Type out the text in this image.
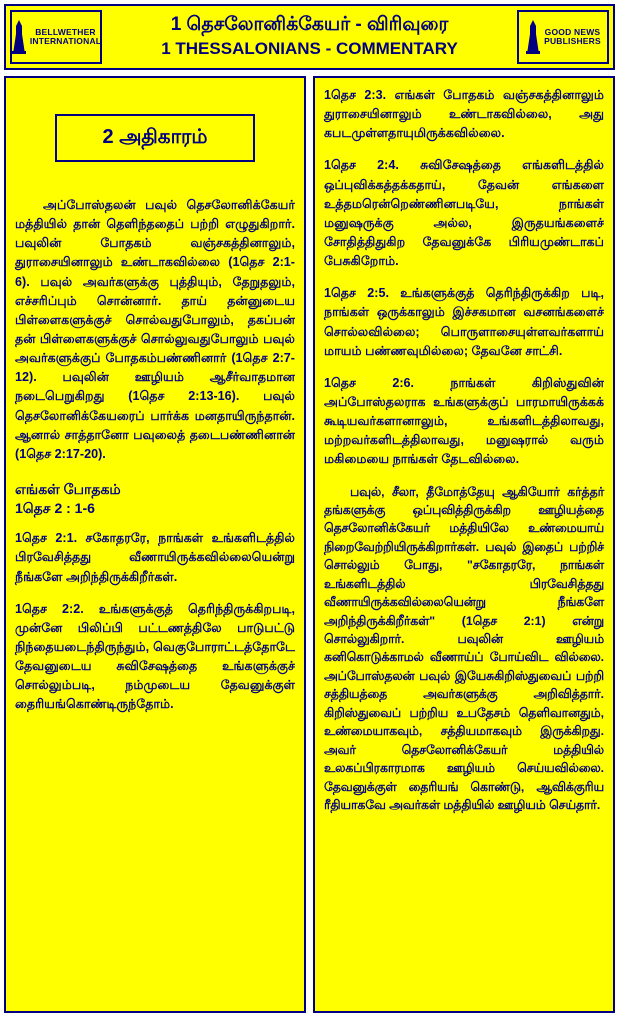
BELLWETHER
INTERNATIONAL
1 தெசலோனிக்கேயர் - விரிவுரை
1 THESSALONIANS - COMMENTARY
GOOD NEWS
PUBLISHERS
2 அதிகாரம்

அப்போஸ்தலன் பவுல் தெசலோனிக்கேயர் மத்தியில் தான் தெளிந்ததைப் பற்றி எழுதுகிறார். பவுலின் போதகம் வஞ்சகத்தினாலும், துராசையினாலும் உண்டாகவில்லை (1தெச 2:1-6). பவுல் அவர்களுக்கு புத்தியும், தேறுதலும், எச்சரிப்பும் சொன்னார். தாய் தன்னுடைய பிள்ளைகளுக்குச் சொல்வதுபோலும், தகப்பன் தன் பிள்ளைகளுக்குச் சொல்லுவதுபோலும் பவுல் அவர்களுக்குப் போதகம்பண்ணினார் (1தெச 2:7-12). பவுலின் ஊழியம் ஆசீர்வாதமான நடைபெறுகிறது (1தெச 2:13-16). பவுல் தெசலோனிக்கேயரைப் பார்க்க மனதாயிருந்தான். ஆனால் சாத்தானோ பவுலைத் தடைபண்ணினான் (1தெச 2:17-20).

எங்கள் போதகம்
1தெச 2 : 1-6

1தெச 2:1. சகோதரரே, நாங்கள் உங்களிடத்தில் பிரவேசித்தது வீணாயிருக்கவில்லையென்று நீங்களே அறிந்திருக்கிறீர்கள்.

1தெச 2:2. உங்களுக்குத் தெரிந்திருக்கிறபடி, முன்னே பிலிப்பி பட்டணத்திலே பாடுபட்டு நிந்தையடைந்திருந்தும், வெகுபோராட்டத்தோடே தேவனுடைய சுவிசேஷத்தை உங்களுக்குச் சொல்லும்படி, நம்முடைய தேவனுக்குள் தைரியங்கொண்டிருந்தோம்.

1தெச 2:3. எங்கள் போதகம் வஞ்சகத்தினாலும் துராசையினாலும் உண்டாகவில்லை, அது கபடமுள்ளதாயுமிருக்கவில்லை.

1தெச 2:4. சுவிசேஷத்தை எங்களிடத்தில் ஒப்புவிக்கத்தக்கதாய், தேவன் எங்களை உத்தமரென்றெண்ணினபடியே, நாங்கள் மனுஷருக்கு அல்ல, இருதயங்களைச் சோதித்திதுகிற தேவனுக்கே பிரியமுண்டாகப் பேசுகிறோம்.

1தெச 2:5. உங்களுக்குத் தெரிந்திருக்கிற படி, நாங்கள் ஒருக்காலும் இச்சகமான வசனங்களைச் சொல்லவில்லை; பொருளாசையுள்ளவர்களாய் மாயம் பண்ணவுமில்லை; தேவனே சாட்சி.

1தெச 2:6.	நாங்கள் கிறிஸ்துவின் அப்போஸ்தலராக உங்களுக்குப் பாரமாயிருக்கக் கூடியவர்களானாலும், உங்களிடத்திலாவது, மற்றவர்களிடத்திலாவது, மனுஷரால் வரும் மகிமையை நாங்கள் தேடவில்லை.

பவுல், சீலா, தீமோத்தேயு ஆகியோர் கர்த்தர் தங்களுக்கு ஒப்புவித்திருக்கிற ஊழியத்தை தெசலோனிக்கேயர் மத்தியிலே உண்மையாய் நிறைவேற்றியிருக்கிறார்கள். பவுல் இதைப் பற்றிச் சொல்லும் போது, "சகோதரரே, நாங்கள் உங்களிடத்தில் பிரவேசித்தது வீணாயிருக்கவில்லையென்று நீங்களே அறிந்திருக்கிறீர்கள்" (1தெச 2:1) என்று சொல்லுகிறார். பவுலின் ஊழியம் கனிகொடுக்காமல் வீணாய்ப் போய்விட வில்லை. அப்போஸ்தலன் பவுல் இயேசுகிறிஸ்துவைப் பற்றி சத்தியத்தை அவர்களுக்கு அறிவித்தார். கிறிஸ்துவைப் பற்றிய உபதேசம் தெளிவானதும், உண்மையாகவும், சத்தியமாகவும் இருக்கிறது. அவர் தெசலோனிக்கேயர் மத்தியில் உலகப்பிரகாரமாக ஊழியம் செய்யவில்லை. தேவனுக்குள் தைரியங் கொண்டு, ஆவிக்குரிய ரீதியாகவே அவர்கள் மத்தியில் ஊழியம் செய்தார்.
